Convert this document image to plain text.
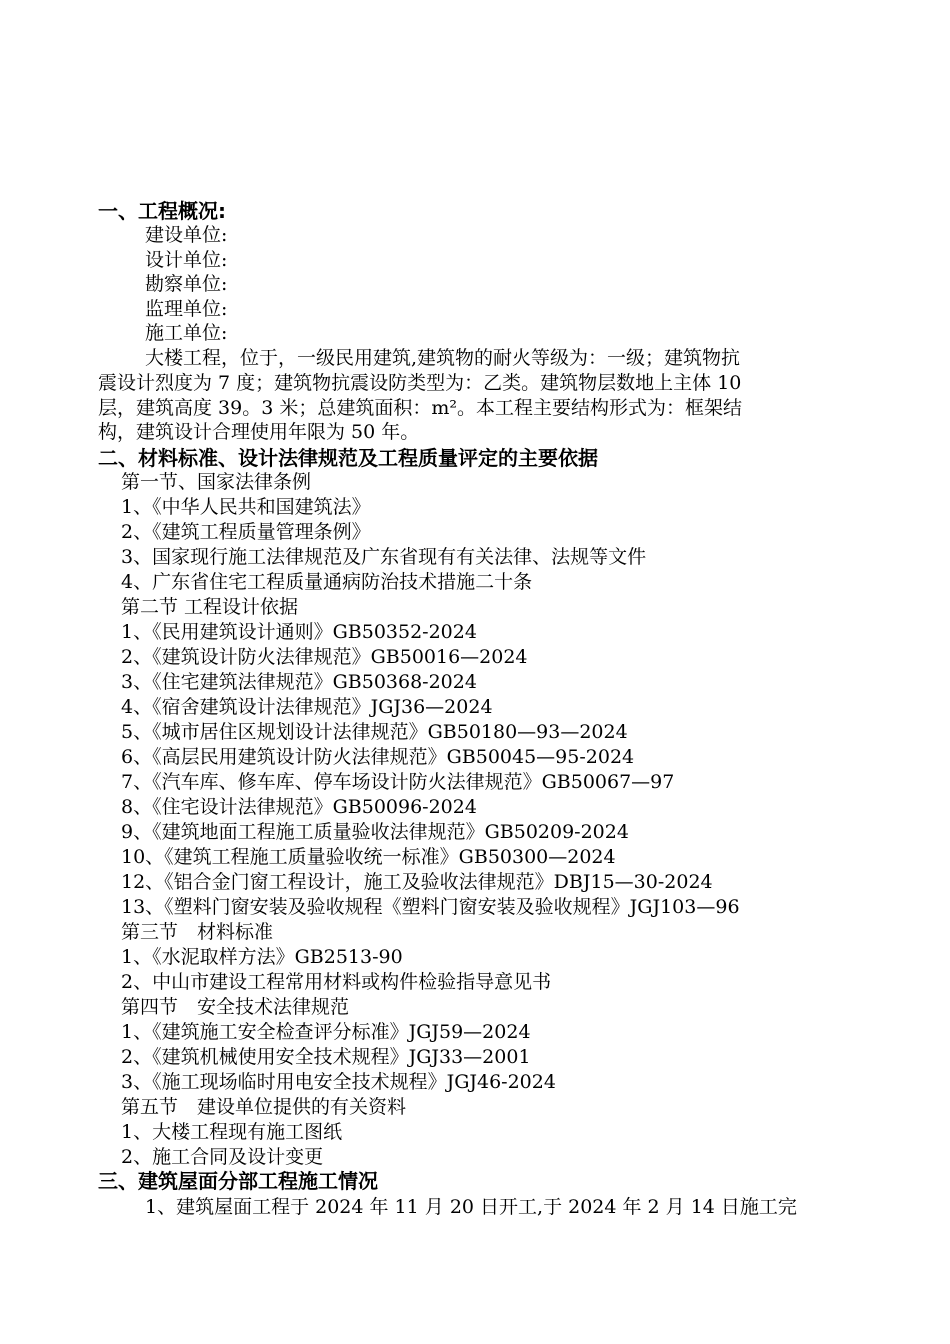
一、工程概况:
建设单位:
设计单位:
勘察单位:
监理单位:
施工单位:
大楼工程，位于，一级民用建筑,建筑物的耐火等级为：一级；建筑物抗
震设计烈度为 7 度；建筑物抗震设防类型为：乙类。建筑物层数地上主体 10
层，建筑高度 39。3 米；总建筑面积：m²。本工程主要结构形式为：框架结
构，建筑设计合理使用年限为 50 年。
二、材料标准、设计法律规范及工程质量评定的主要依据
第一节、国家法律条例
1、《中华人民共和国建筑法》
2、《建筑工程质量管理条例》
3、国家现行施工法律规范及广东省现有有关法律、法规等文件
4、广东省住宅工程质量通病防治技术措施二十条
第二节 工程设计依据
1、《民用建筑设计通则》GB50352-2024
2、《建筑设计防火法律规范》GB50016—2024
3、《住宅建筑法律规范》GB50368-2024
4、《宿舍建筑设计法律规范》JGJ36—2024
5、《城市居住区规划设计法律规范》GB50180—93—2024
6、《高层民用建筑设计防火法律规范》GB50045—95-2024
7、《汽车库、修车库、停车场设计防火法律规范》GB50067—97
8、《住宅设计法律规范》GB50096-2024
9、《建筑地面工程施工质量验收法律规范》GB50209-2024
10、《建筑工程施工质量验收统一标准》GB50300—2024
12、《铝合金门窗工程设计，施工及验收法律规范》DBJ15—30-2024
13、《塑料门窗安装及验收规程《塑料门窗安装及验收规程》JGJ103—96
第三节　材料标准
1、《水泥取样方法》GB2513-90
2、中山市建设工程常用材料或构件检验指导意见书
第四节　安全技术法律规范
1、《建筑施工安全检查评分标准》JGJ59—2024
2、《建筑机械使用安全技术规程》JGJ33—2001
3、《施工现场临时用电安全技术规程》JGJ46-2024
第五节　建设单位提供的有关资料
1、大楼工程现有施工图纸
2、施工合同及设计变更
三、建筑屋面分部工程施工情况
1、建筑屋面工程于 2024 年 11 月 20 日开工,于 2024 年 2 月 14 日施工完
